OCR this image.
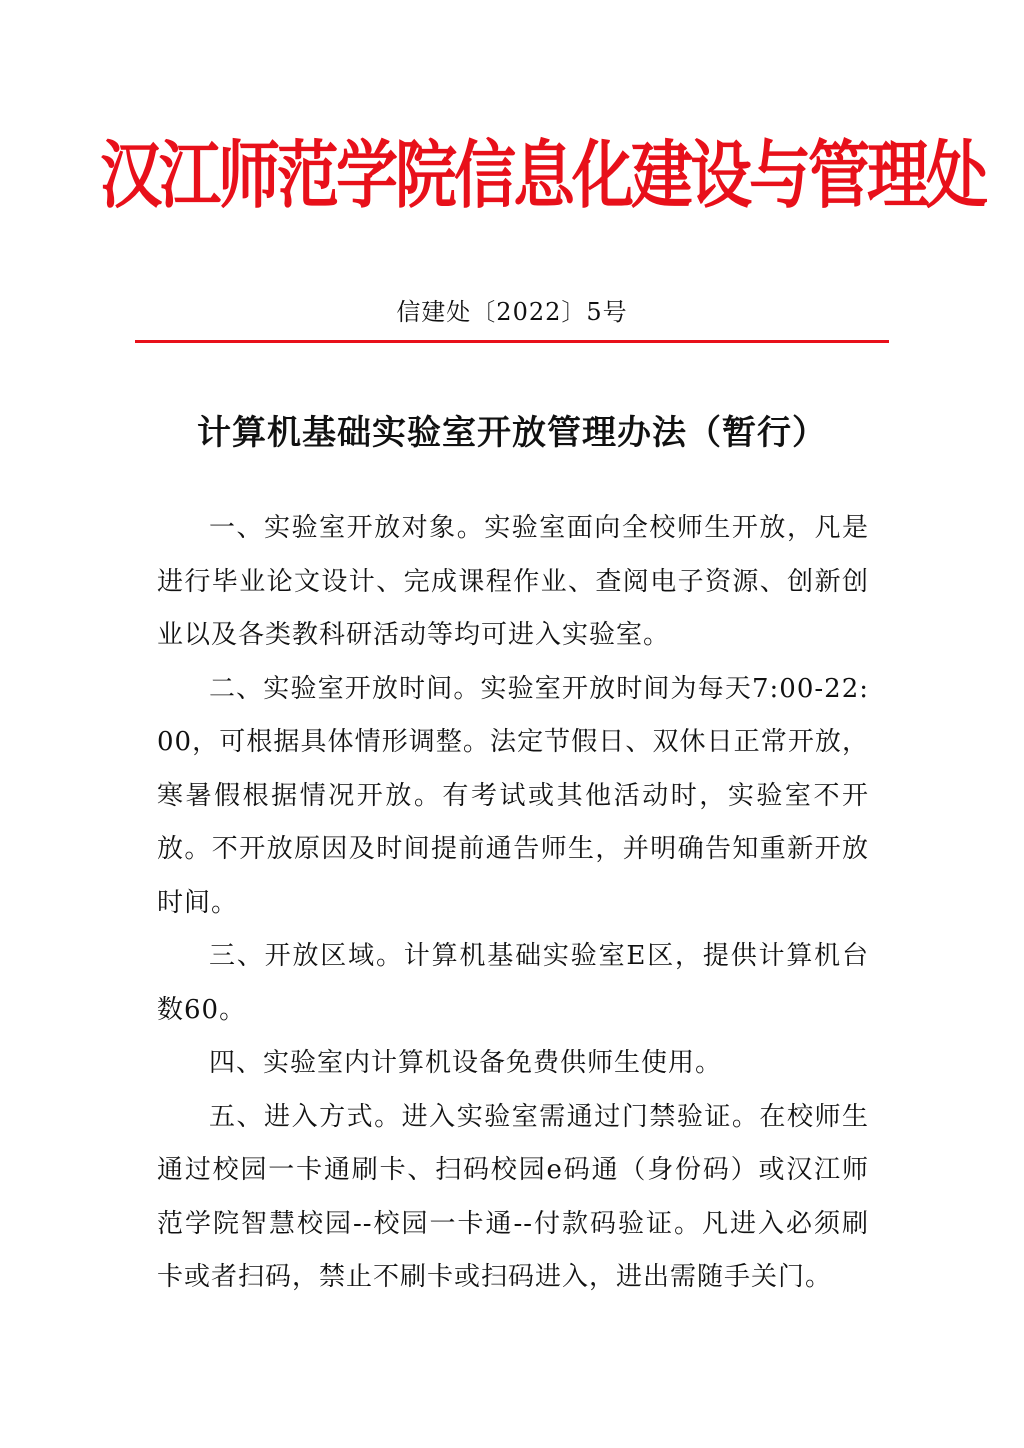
汉江师范学院信息化建设与管理处
信建处〔2022〕5号
计算机基础实验室开放管理办法（暂行）

一、实验室开放对象。实验室面向全校师生开放，凡是进行毕业论文设计、完成课程作业、查阅电子资源、创新创业以及各类教科研活动等均可进入实验室。

二、实验室开放时间。实验室开放时间为每天7:00-22:00，可根据具体情形调整。法定节假日、双休日正常开放，寒暑假根据情况开放。有考试或其他活动时，实验室不开放。不开放原因及时间提前通告师生，并明确告知重新开放时间。

三、开放区域。计算机基础实验室E区，提供计算机台数60。

四、实验室内计算机设备免费供师生使用。

五、进入方式。进入实验室需通过门禁验证。在校师生通过校园一卡通刷卡、扫码校园e码通（身份码）或汉江师范学院智慧校园--校园一卡通--付款码验证。凡进入必须刷卡或者扫码，禁止不刷卡或扫码进入，进出需随手关门。
